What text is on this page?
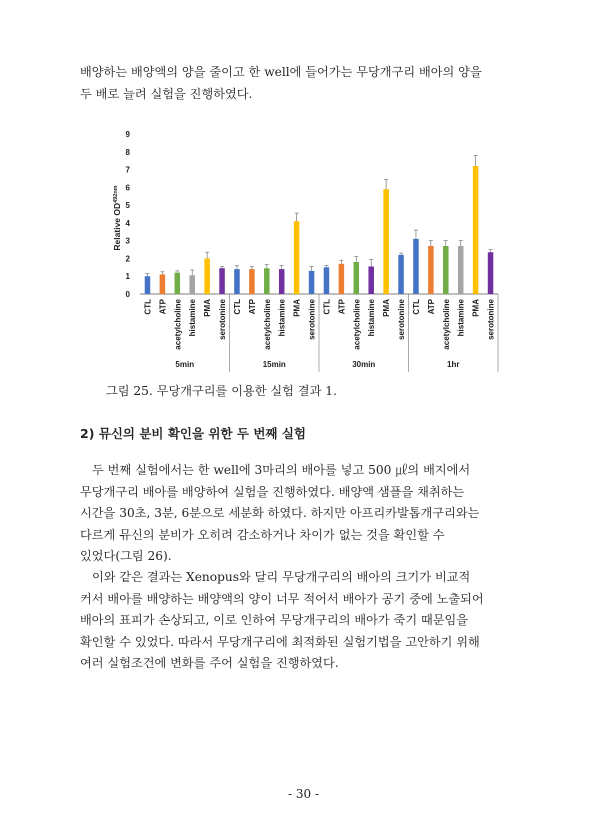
배양하는 배양액의 양을 줄이고 한 well에 들어가는 무당개구리 배아의 양을
두 배로 늘려 실험을 진행하였다.

0
1
2
3
4
5
6
7
8
9
Relative $OD^{492nm}$
CTL ATP acetylcholine histamine PMA serotonine
5min
CTL ATP acetylcholine histamine PMA serotonine
15min
CTL ATP acetylcholine histamine PMA serotonine
30min
CTL ATP acetylcholine histamine PMA serotonine
1hr

그림 25. 무당개구리를 이용한 실험 결과 1.

2) 뮤신의 분비 확인을 위한 두 번째 실험

두 번째 실험에서는 한 well에 3마리의 배아를 넣고 500 ㎕의 배지에서
무당개구리 배아를 배양하여 실험을 진행하였다. 배양액 샘플을 채취하는
시간을 30초, 3분, 6분으로 세분화 하였다. 하지만 아프리카발톱개구리와는
다르게 뮤신의 분비가 오히려 감소하거나 차이가 없는 것을 확인할 수
있었다(그림 26).

이와 같은 결과는 Xenopus와 달리 무당개구리의 배아의 크기가 비교적
커서 배아를 배양하는 배양액의 양이 너무 적어서 배아가 공기 중에 노출되어
배아의 표피가 손상되고, 이로 인하여 무당개구리의 배아가 죽기 때문임을
확인할 수 있었다. 따라서 무당개구리에 최적화된 실험기법을 고안하기 위해
여러 실험조건에 변화를 주어 실험을 진행하였다.

- 30 -
